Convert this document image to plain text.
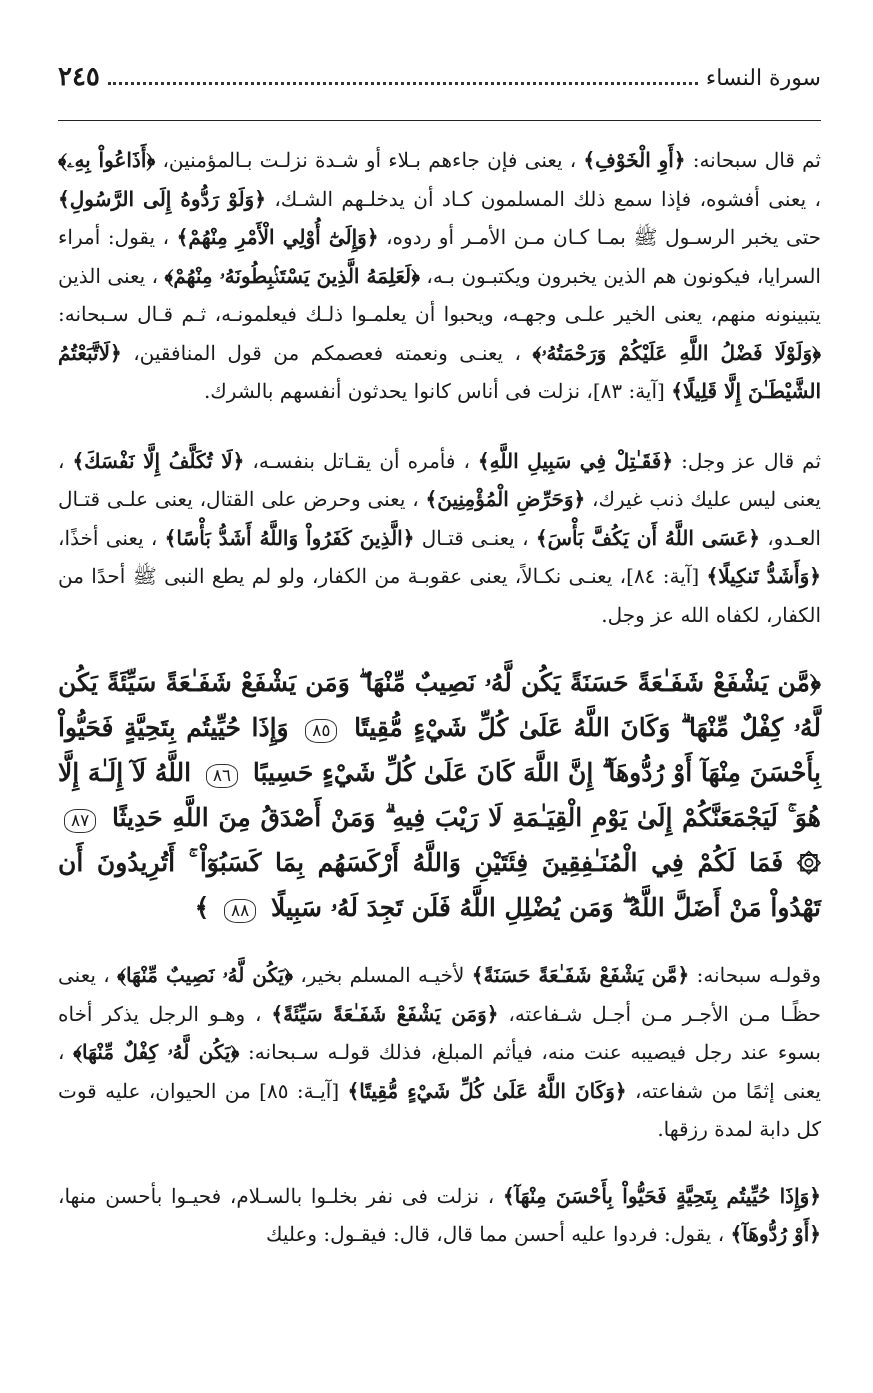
سورة النساء
٢٤٥

ثم قال سبحانه: ﴿أَوِ الْخَوْفِ﴾ ، يعنى فإن جاءهم بـلاء أو شـدة نزلـت بـالمؤمنين، ﴿أَذَاعُواْ بِهِۦ﴾ ، يعنى أفشوه، فإذا سمع ذلك المسلمون كـاد أن يدخلـهم الشـك، ﴿وَلَوْ رَدُّوهُ إِلَى الرَّسُولِ﴾ حتى يخبر الرسـول ﷺ بمـا كـان مـن الأمـر أو ردوه، ﴿وَإِلَىٰٓ أُوْلِي الْأَمْرِ مِنْهُمْ﴾ ، يقول: أمراء السرايا، فيكونون هم الذين يخبرون ويكتبـون بـه، ﴿لَعَلِمَهُ الَّذِينَ يَسْتَنۢبِطُونَهُۥ مِنْهُمْ﴾ ، يعنى الذين يتبينونه منهم، يعنى الخير علـى وجهـه، ويحبوا أن يعلمـوا ذلـك فيعلمونـه، ثـم قـال سـبحانه: ﴿وَلَوْلَا فَضْلُ اللَّهِ عَلَيْكُمْ وَرَحْمَتُهُۥ﴾ ، يعنـى ونعمته فعصمكم من قول المنافقين، ﴿لَاتَّبَعْتُمُ الشَّيْطَـٰنَ إِلَّا قَلِيلًا﴾ [آية: ٨٣]، نزلت فى أناس كانوا يحدثون أنفسهم بالشرك.

ثم قال عز وجل: ﴿فَقَـٰتِلْ فِي سَبِيلِ اللَّهِ﴾ ، فأمره أن يقـاتل بنفسـه، ﴿لَا تُكَلَّفُ إِلَّا نَفْسَكَ﴾ ، يعنى ليس عليك ذنب غيرك، ﴿وَحَرِّضِ الْمُؤْمِنِينَ﴾ ، يعنى وحرض على القتال، يعنى علـى قتـال العـدو، ﴿عَسَى اللَّهُ أَن يَكُفَّ بَأْسَ﴾ ، يعنـى قتـال ﴿الَّذِينَ كَفَرُواْ وَاللَّهُ أَشَدُّ بَأْسًا﴾ ، يعنى أخذًا، ﴿وَأَشَدُّ تَنكِيلًا﴾ [آية: ٨٤]، يعنـى نكـالاً، يعنى عقوبـة من الكفار، ولو لم يطع النبى ﷺ أحدًا من الكفار، لكفاه الله عز وجل.

﴿مَّن يَشْفَعْ شَفَـٰعَةً حَسَنَةً يَكُن لَّهُۥ نَصِيبٌ مِّنْهَا ۖ وَمَن يَشْفَعْ شَفَـٰعَةً سَيِّئَةً يَكُن لَّهُۥ كِفْلٌ مِّنْهَا ۗ وَكَانَ اللَّهُ عَلَىٰ كُلِّ شَيْءٍ مُّقِيتًا ٨٥ وَإِذَا حُيِّيتُم بِتَحِيَّةٍ فَحَيُّواْ بِأَحْسَنَ مِنْهَآ أَوْ رُدُّوهَآ ۗ إِنَّ اللَّهَ كَانَ عَلَىٰ كُلِّ شَيْءٍ حَسِيبًا ٨٦ اللَّهُ لَآ إِلَـٰهَ إِلَّا هُوَ ۚ لَيَجْمَعَنَّكُمْ إِلَىٰ يَوْمِ الْقِيَـٰمَةِ لَا رَيْبَ فِيهِ ۗ وَمَنْ أَصْدَقُ مِنَ اللَّهِ حَدِيثًا ٨٧ ۞ فَمَا لَكُمْ فِي الْمُنَـٰفِقِينَ فِئَتَيْنِ وَاللَّهُ أَرْكَسَهُم بِمَا كَسَبُوٓاْ ۚ أَتُرِيدُونَ أَن تَهْدُواْ مَنْ أَضَلَّ اللَّهُ ۖ وَمَن يُضْلِلِ اللَّهُ فَلَن تَجِدَ لَهُۥ سَبِيلًا ٨٨ ﴾

وقولـه سبحانه: ﴿مَّن يَشْفَعْ شَفَـٰعَةً حَسَنَةً﴾ لأخيـه المسلم بخير، ﴿يَكُن لَّهُۥ نَصِيبٌ مِّنْهَا﴾ ، يعنى حظًـا مـن الأجـر مـن أجـل شـفاعته، ﴿وَمَن يَشْفَعْ شَفَـٰعَةً سَيِّئَةً﴾ ، وهـو الرجل يذكر أخاه بسوء عند رجل فيصيبه عنت منه، فيأثم المبلغ، فذلك قولـه سـبحانه: ﴿يَكُن لَّهُۥ كِفْلٌ مِّنْهَا﴾ ، يعنى إثمًا من شفاعته، ﴿وَكَانَ اللَّهُ عَلَىٰ كُلِّ شَيْءٍ مُّقِيتًا﴾ [آيـة: ٨٥] من الحيوان، عليه قوت كل دابة لمدة رزقها.

﴿وَإِذَا حُيِّيتُم بِتَحِيَّةٍ فَحَيُّواْ بِأَحْسَنَ مِنْهَآ﴾ ، نزلت فى نفر بخلـوا بالسـلام، فحيـوا بأحسن منها، ﴿أَوْ رُدُّوهَآ﴾ ، يقول: فردوا عليه أحسن مما قال، قال: فيقـول: وعليك
